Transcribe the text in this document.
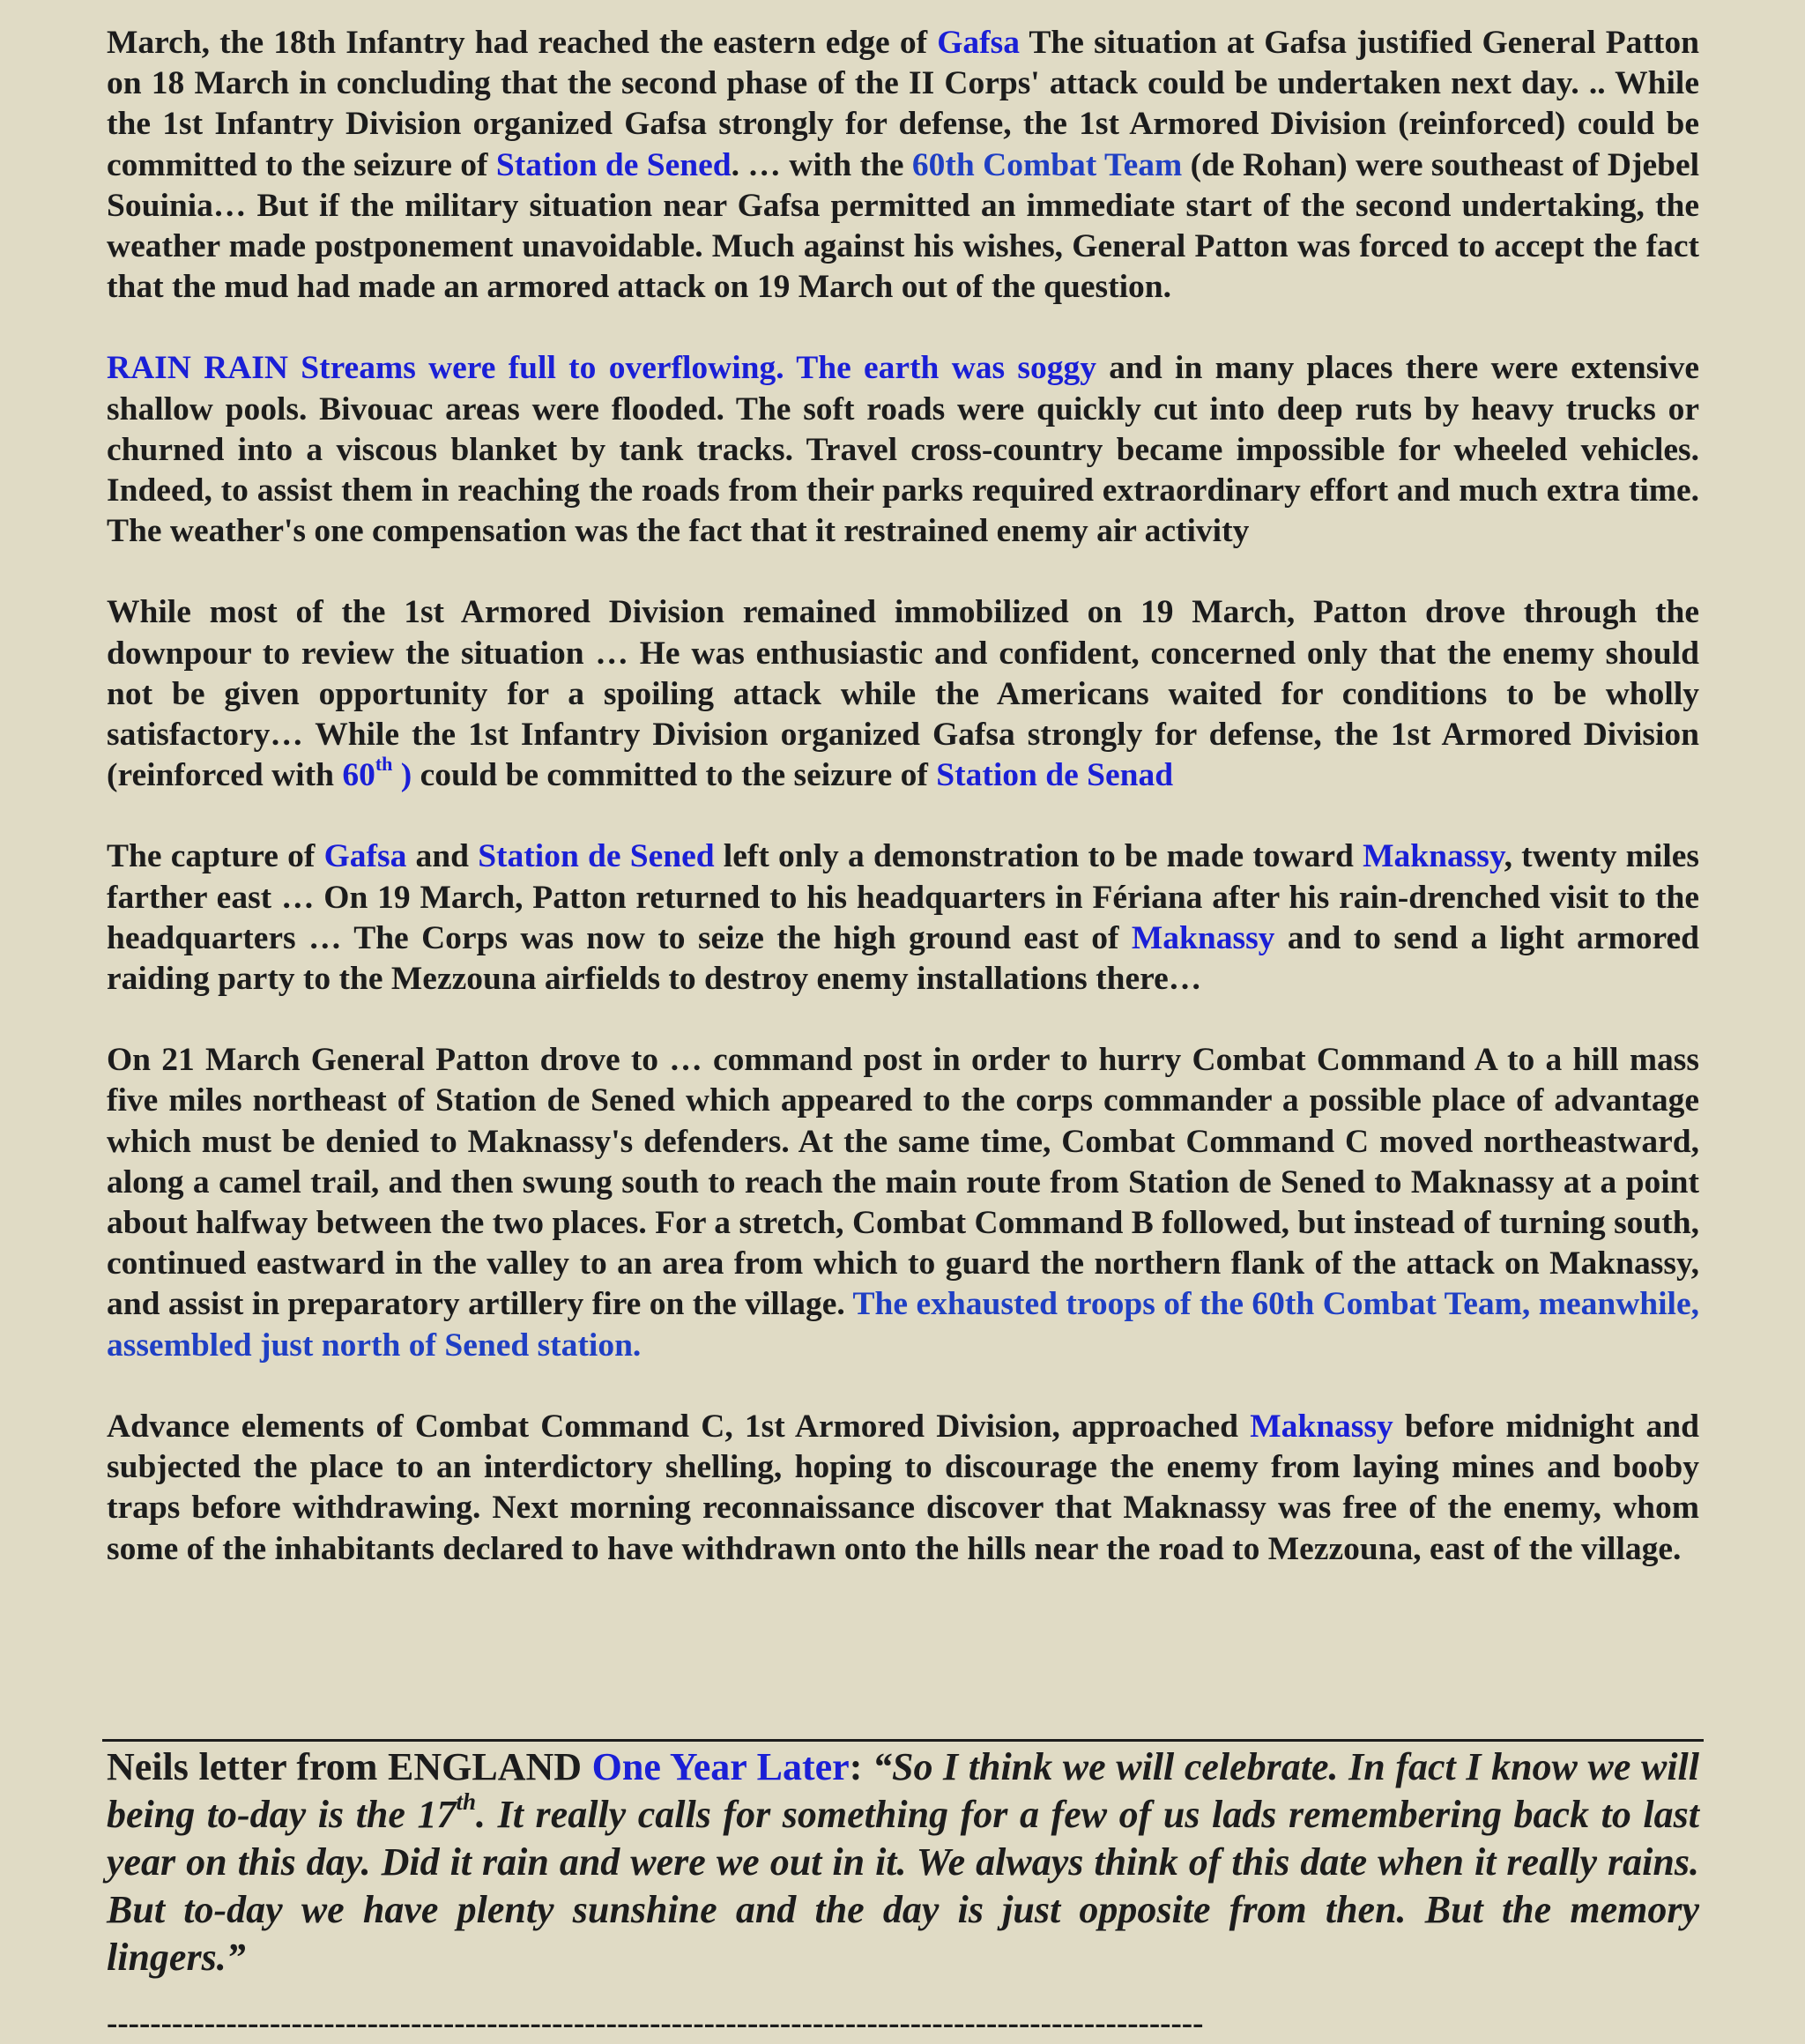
March, the 18th Infantry had reached the eastern edge of Gafsa The situation at Gafsa justified General Patton on 18 March in concluding that the second phase of the II Corps' attack could be undertaken next day. .. While the 1st Infantry Division organized Gafsa strongly for defense, the 1st Armored Division (reinforced) could be committed to the seizure of Station de Sened. … with the 60th Combat Team (de Rohan) were southeast of Djebel Souinia… But if the military situation near Gafsa permitted an immediate start of the second undertaking, the weather made postponement unavoidable. Much against his wishes, General Patton was forced to accept the fact that the mud had made an armored attack on 19 March out of the question.

RAIN RAIN Streams were full to overflowing. The earth was soggy and in many places there were extensive shallow pools. Bivouac areas were flooded. The soft roads were quickly cut into deep ruts by heavy trucks or churned into a viscous blanket by tank tracks. Travel cross-country became impossible for wheeled vehicles. Indeed, to assist them in reaching the roads from their parks required extraordinary effort and much extra time. The weather's one compensation was the fact that it restrained enemy air activity

While most of the 1st Armored Division remained immobilized on 19 March, Patton drove through the downpour to review the situation … He was enthusiastic and confident, concerned only that the enemy should not be given opportunity for a spoiling attack while the Americans waited for conditions to be wholly satisfactory… While the 1st Infantry Division organized Gafsa strongly for defense, the 1st Armored Division (reinforced with 60th ) could be committed to the seizure of Station de Senad

The capture of Gafsa and Station de Sened left only a demonstration to be made toward Maknassy, twenty miles farther east … On 19 March, Patton returned to his headquarters in Fériana after his rain-drenched visit to the headquarters … The Corps was now to seize the high ground east of Maknassy and to send a light armored raiding party to the Mezzouna airfields to destroy enemy installations there…

On 21 March General Patton drove to … command post in order to hurry Combat Command A to a hill mass five miles northeast of Station de Sened which appeared to the corps commander a possible place of advantage which must be denied to Maknassy's defenders. At the same time, Combat Command C moved northeastward, along a camel trail, and then swung south to reach the main route from Station de Sened to Maknassy at a point about halfway between the two places. For a stretch, Combat Command B followed, but instead of turning south, continued eastward in the valley to an area from which to guard the northern flank of the attack on Maknassy, and assist in preparatory artillery fire on the village. The exhausted troops of the 60th Combat Team, meanwhile, assembled just north of Sened station.

Advance elements of Combat Command C, 1st Armored Division, approached Maknassy before midnight and subjected the place to an interdictory shelling, hoping to discourage the enemy from laying mines and booby traps before withdrawing. Next morning reconnaissance discover that Maknassy was free of the enemy, whom some of the inhabitants declared to have withdrawn onto the hills near the road to Mezzouna, east of the village.

Neils letter from ENGLAND One Year Later: “So I think we will celebrate. In fact I know we will being to-day is the 17th. It really calls for something for a few of us lads remembering back to last year on this day. Did it rain and were we out in it. We always think of this date when it really rains. But to-day we have plenty sunshine and the day is just opposite from then. But the memory lingers.”

-----------------------------------------------------------------------------------------------------
